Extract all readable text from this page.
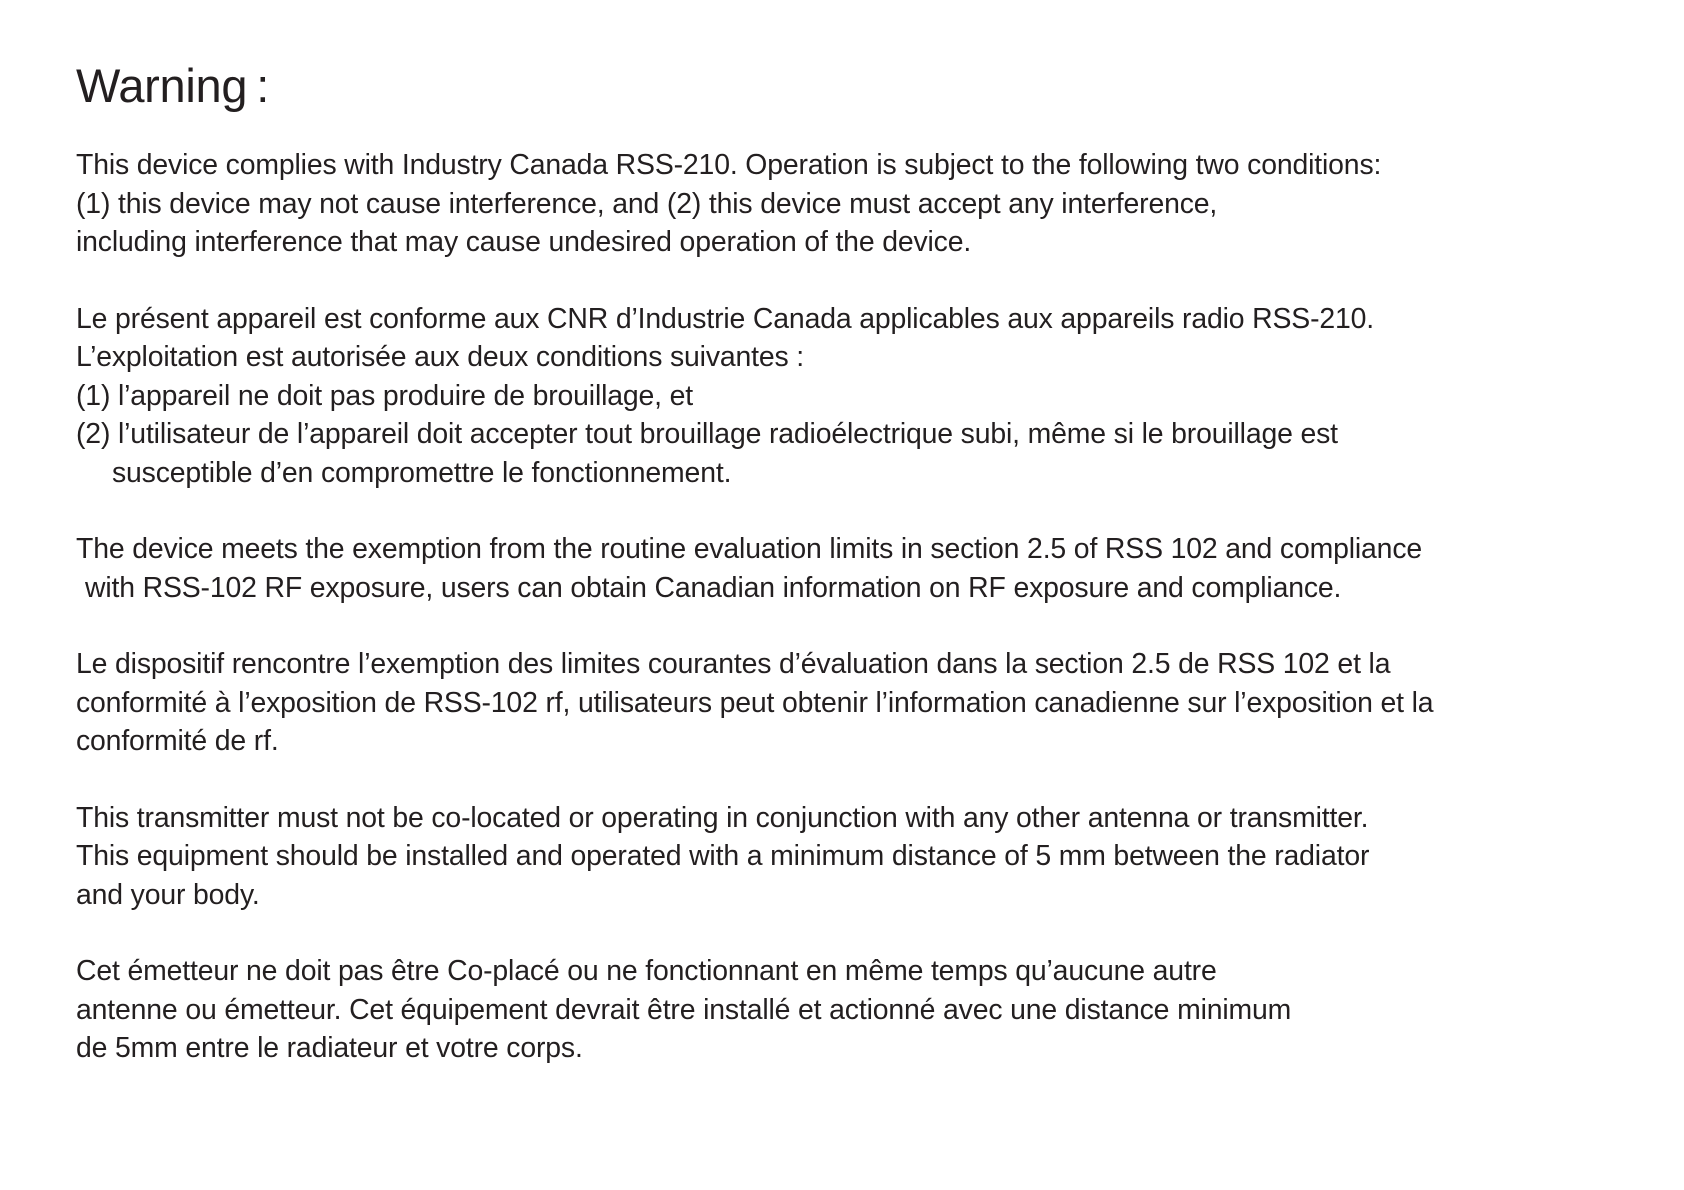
Warning :
This device complies with Industry Canada RSS-210. Operation is subject to the following two conditions:
(1) this device may not cause interference, and (2) this device must accept any interference,
including interference that may cause undesired operation of the device.
Le présent appareil est conforme aux CNR d’Industrie Canada applicables aux appareils radio RSS-210.
L’exploitation est autorisée aux deux conditions suivantes :
(1) l’appareil ne doit pas produire de brouillage, et
(2) l’utilisateur de l’appareil doit accepter tout brouillage radioélectrique subi, même si le brouillage est
susceptible d’en compromettre le fonctionnement.
The device meets the exemption from the routine evaluation limits in section 2.5 of RSS 102 and compliance
with RSS-102 RF exposure, users can obtain Canadian information on RF exposure and compliance.
Le dispositif rencontre l’exemption des limites courantes d’évaluation dans la section 2.5 de RSS 102 et la
conformité à l’exposition de RSS-102 rf, utilisateurs peut obtenir l’information canadienne sur l’exposition et la
conformité de rf.
This transmitter must not be co-located or operating in conjunction with any other antenna or transmitter.
This equipment should be installed and operated with a minimum distance of 5 mm between the radiator
and your body.
Cet émetteur ne doit pas être Co-placé ou ne fonctionnant en même temps qu’aucune autre
antenne ou émetteur. Cet équipement devrait être installé et actionné avec une distance minimum
de 5mm entre le radiateur et votre corps.
